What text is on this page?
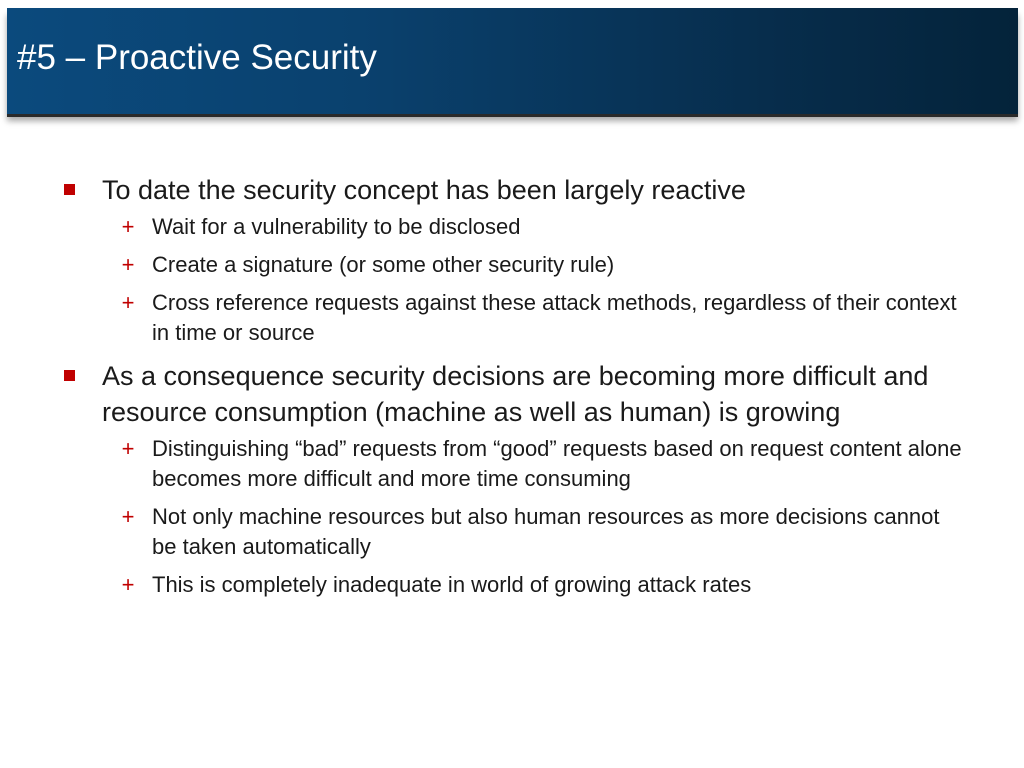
#5 – Proactive Security
To date the security concept has been largely reactive
+ Wait for a vulnerability to be disclosed
+ Create a signature (or some other security rule)
+ Cross reference requests against these attack methods, regardless of their context in time or source
As a consequence security decisions are becoming more difficult and resource consumption (machine as well as human) is growing
+ Distinguishing “bad” requests from “good” requests based on request content alone becomes more difficult and more time consuming
+ Not only machine resources but also human resources as more decisions cannot be taken automatically
+ This is completely inadequate in world of growing attack rates
